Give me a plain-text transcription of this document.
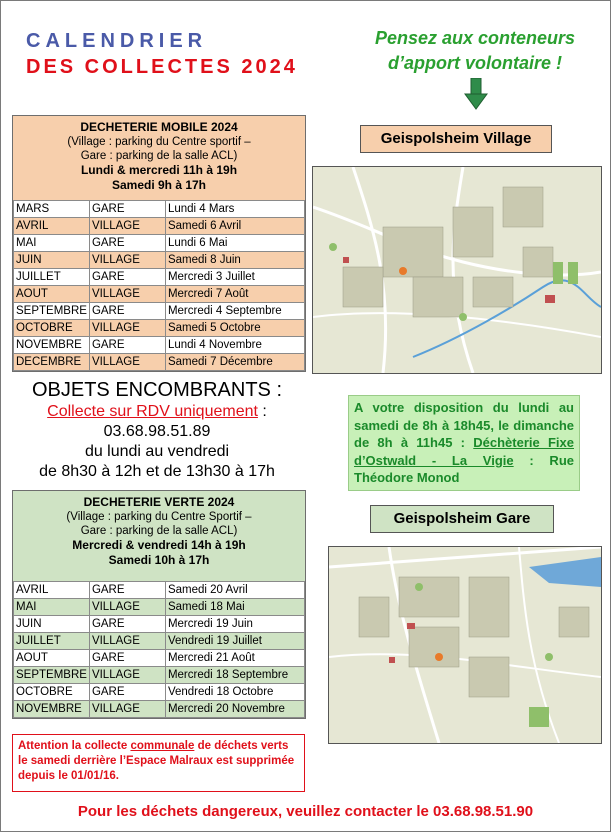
CALENDRIER
DES COLLECTES 2024
Pensez aux conteneurs
d’apport volontaire !
DECHETERIE MOBILE 2024
(Village : parking du Centre sportif –
Gare : parking de la salle ACL)
Lundi & mercredi 11h à 19h
Samedi 9h à 17h
MARS	GARE	Lundi 4 Mars
AVRIL	VILLAGE	Samedi 6 Avril
MAI	GARE	Lundi 6 Mai
JUIN	VILLAGE	Samedi 8 Juin
JUILLET	GARE	Mercredi 3 Juillet
AOUT	VILLAGE	Mercredi 7 Août
SEPTEMBRE	GARE	Mercredi 4 Septembre
OCTOBRE	VILLAGE	Samedi 5 Octobre
NOVEMBRE	GARE	Lundi 4 Novembre
DECEMBRE	VILLAGE	Samedi 7 Décembre
Geispolsheim Village
OBJETS ENCOMBRANTS :
Collecte sur RDV uniquement :
03.68.98.51.89
du lundi au vendredi
de 8h30 à 12h et de 13h30 à 17h
A votre disposition du lundi au samedi de 8h à 18h45, le dimanche de 8h à 11h45 : Déchèterie Fixe d’Ostwald - La Vigie : Rue Théodore Monod
DECHETERIE VERTE 2024
(Village : parking du Centre Sportif –
Gare : parking de la salle ACL)
Mercredi & vendredi 14h à 19h
Samedi 10h à 17h
AVRIL	GARE	Samedi 20 Avril
MAI	VILLAGE	Samedi 18 Mai
JUIN	GARE	Mercredi 19 Juin
JUILLET	VILLAGE	Vendredi 19 Juillet
AOUT	GARE	Mercredi 21 Août
SEPTEMBRE	VILLAGE	Mercredi 18 Septembre
OCTOBRE	GARE	Vendredi 18 Octobre
NOVEMBRE	VILLAGE	Mercredi 20 Novembre
Geispolsheim Gare
Attention la collecte communale de déchets verts le samedi derrière l’Espace Malraux est supprimée depuis le 01/01/16.
Pour les déchets dangereux, veuillez contacter le 03.68.98.51.90
